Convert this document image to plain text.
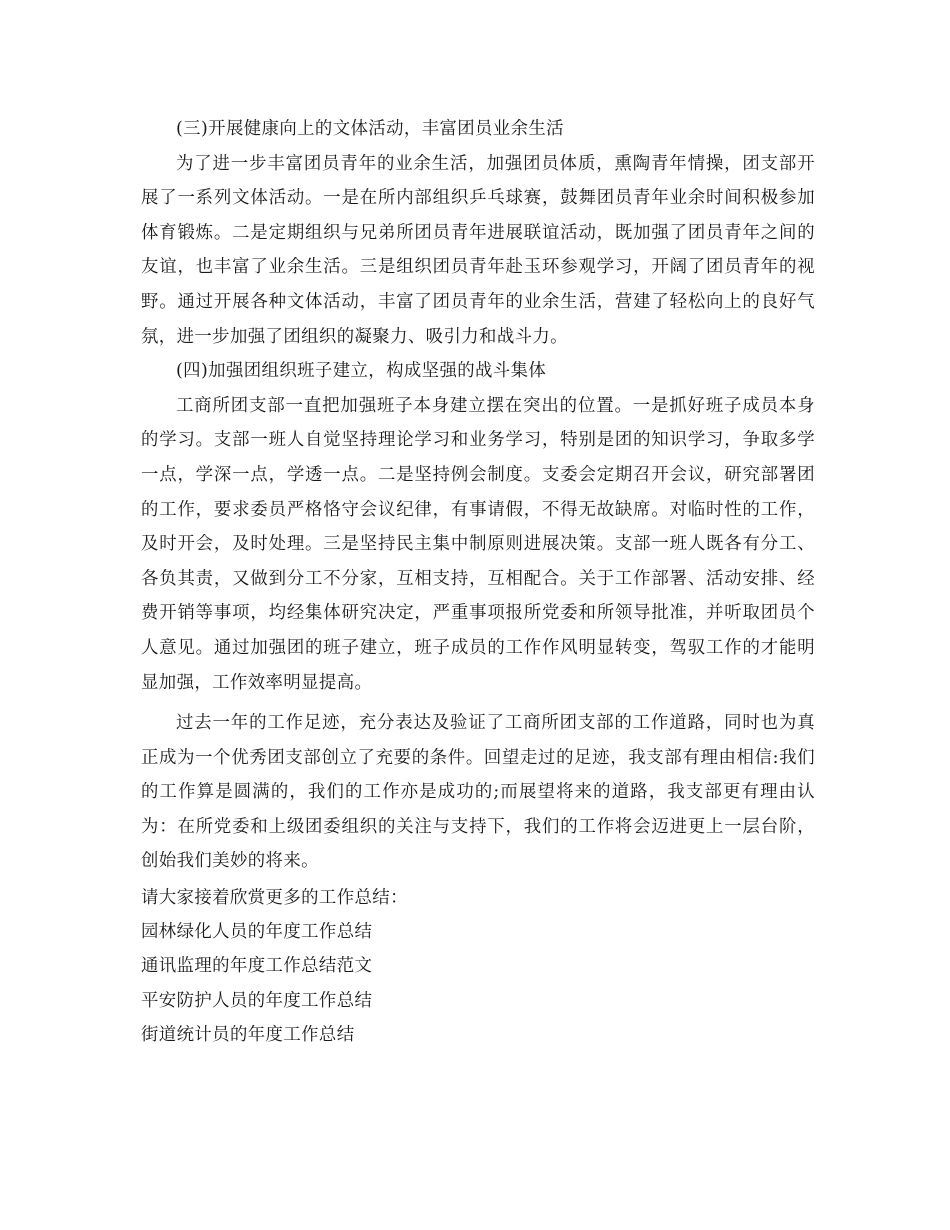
(三)开展健康向上的文体活动，丰富团员业余生活

为了进一步丰富团员青年的业余生活，加强团员体质，熏陶青年情操，团支部开展了一系列文体活动。一是在所内部组织乒乓球赛，鼓舞团员青年业余时间积极参加体育锻炼。二是定期组织与兄弟所团员青年进展联谊活动，既加强了团员青年之间的友谊，也丰富了业余生活。三是组织团员青年赴玉环参观学习，开阔了团员青年的视野。通过开展各种文体活动，丰富了团员青年的业余生活，营建了轻松向上的良好气氛，进一步加强了团组织的凝聚力、吸引力和战斗力。

(四)加强团组织班子建立，构成坚强的战斗集体

工商所团支部一直把加强班子本身建立摆在突出的位置。一是抓好班子成员本身的学习。支部一班人自觉坚持理论学习和业务学习，特别是团的知识学习，争取多学一点，学深一点，学透一点。二是坚持例会制度。支委会定期召开会议，研究部署团的工作，要求委员严格恪守会议纪律，有事请假，不得无故缺席。对临时性的工作，及时开会，及时处理。三是坚持民主集中制原则进展决策。支部一班人既各有分工、各负其责，又做到分工不分家，互相支持，互相配合。关于工作部署、活动安排、经费开销等事项，均经集体研究决定，严重事项报所党委和所领导批准，并听取团员个人意见。通过加强团的班子建立，班子成员的工作作风明显转变，驾驭工作的才能明显加强，工作效率明显提高。

过去一年的工作足迹，充分表达及验证了工商所团支部的工作道路，同时也为真正成为一个优秀团支部创立了充要的条件。回望走过的足迹，我支部有理由相信:我们的工作算是圆满的，我们的工作亦是成功的;而展望将来的道路，我支部更有理由认为：在所党委和上级团委组织的关注与支持下，我们的工作将会迈进更上一层台阶，创始我们美妙的将来。

请大家接着欣赏更多的工作总结：
园林绿化人员的年度工作总结
通讯监理的年度工作总结范文
平安防护人员的年度工作总结
街道统计员的年度工作总结
